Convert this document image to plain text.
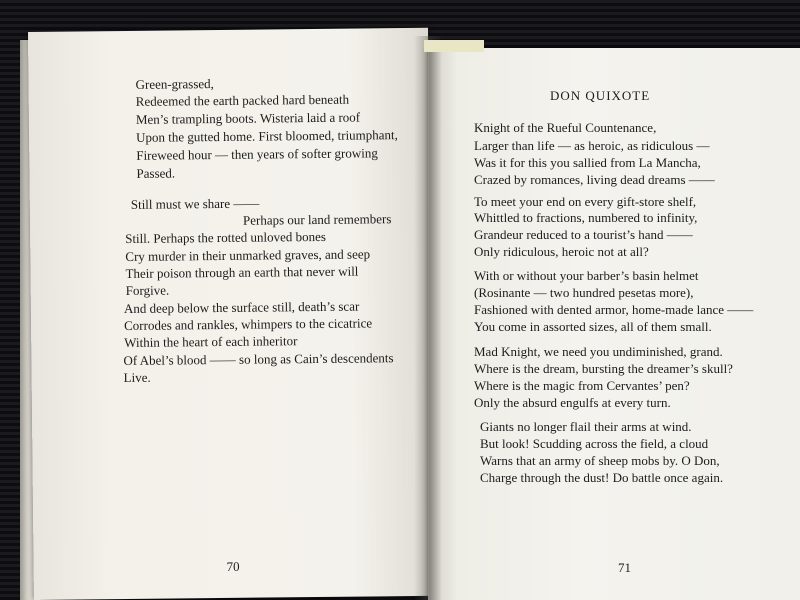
Green-grassed,
Redeemed the earth packed hard beneath
Men’s trampling boots. Wisteria laid a roof
Upon the gutted home. First bloomed, triumphant,
Fireweed hour — then years of softer growing
Passed.
Still must we share ——
Perhaps our land remembers
Still. Perhaps the rotted unloved bones
Cry murder in their unmarked graves, and seep
Their poison through an earth that never will
Forgive.
And deep below the surface still, death’s scar
Corrodes and rankles, whimpers to the cicatrice
Within the heart of each inheritor
Of Abel’s blood —— so long as Cain’s descendents
Live.
70
DON QUIXOTE
Knight of the Rueful Countenance,
Larger than life — as heroic, as ridiculous —
Was it for this you sallied from La Mancha,
Crazed by romances, living dead dreams ——
To meet your end on every gift-store shelf,
Whittled to fractions, numbered to infinity,
Grandeur reduced to a tourist’s hand ——
Only ridiculous, heroic not at all?
With or without your barber’s basin helmet
(Rosinante — two hundred pesetas more),
Fashioned with dented armor, home-made lance ——
You come in assorted sizes, all of them small.
Mad Knight, we need you undiminished, grand.
Where is the dream, bursting the dreamer’s skull?
Where is the magic from Cervantes’ pen?
Only the absurd engulfs at every turn.
Giants no longer flail their arms at wind.
But look! Scudding across the field, a cloud
Warns that an army of sheep mobs by. O Don,
Charge through the dust! Do battle once again.
71
